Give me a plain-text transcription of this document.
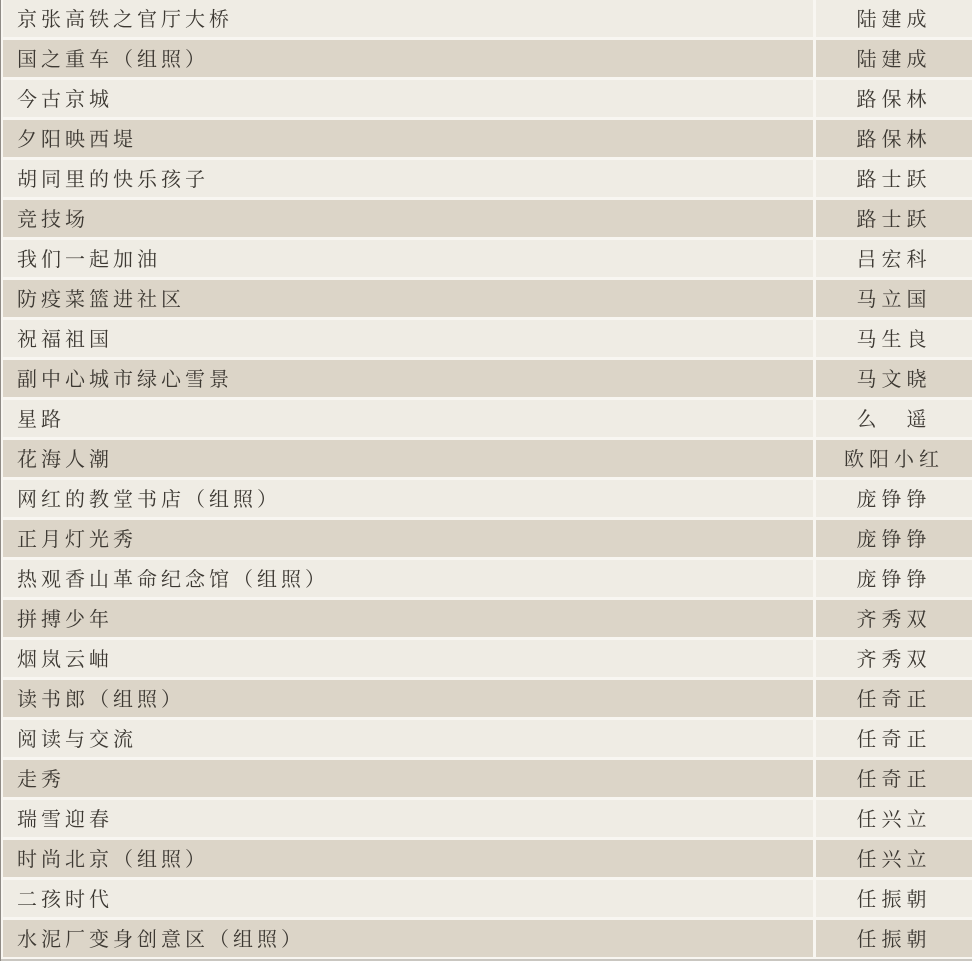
京张高铁之官厅大桥	陆建成
国之重车（组照）	陆建成
今古京城	路保林
夕阳映西堤	路保林
胡同里的快乐孩子	路士跃
竞技场	路士跃
我们一起加油	吕宏科
防疫菜篮进社区	马立国
祝福祖国	马生良
副中心城市绿心雪景	马文晓
星路	么　遥
花海人潮	欧阳小红
网红的教堂书店（组照）	庞铮铮
正月灯光秀	庞铮铮
热观香山革命纪念馆（组照）	庞铮铮
拼搏少年	齐秀双
烟岚云岫	齐秀双
读书郎（组照）	任奇正
阅读与交流	任奇正
走秀	任奇正
瑞雪迎春	任兴立
时尚北京（组照）	任兴立
二孩时代	任振朝
水泥厂变身创意区（组照）	任振朝
